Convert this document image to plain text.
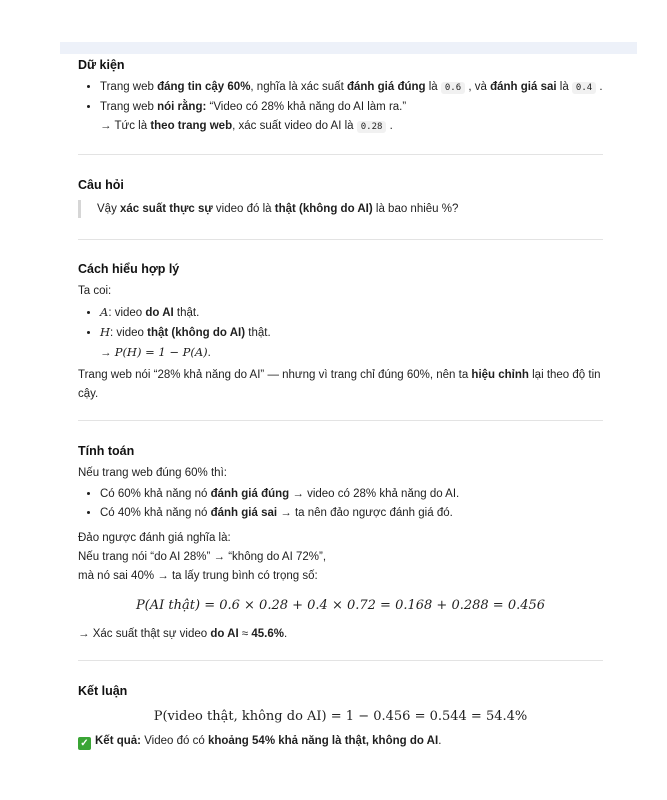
Dữ kiện
• Trang web đáng tin cậy 60%, nghĩa là xác suất đánh giá đúng là 0.6 , và đánh giá sai là 0.4 .
• Trang web nói rằng: “Video có 28% khả năng do AI làm ra.”
→ Tức là theo trang web, xác suất video do AI là 0.28 .
Câu hỏi
Vậy xác suất thực sự video đó là thật (không do AI) là bao nhiêu %?
Cách hiểu hợp lý

Ta coi:

• A: video do AI thật.
• H: video thật (không do AI) thật.
→ P(H) = 1 − P(A).

Trang web nói “28% khả năng do AI” — nhưng vì trang chỉ đúng 60%, nên ta hiệu chỉnh lại theo độ tin cậy.

Tính toán

Nếu trang web đúng 60% thì:

• Có 60% khả năng nó đánh giá đúng → video có 28% khả năng do AI.
• Có 40% khả năng nó đánh giá sai → ta nên đảo ngược đánh giá đó.

Đảo ngược đánh giá nghĩa là:

Nếu trang nói “do AI 28%” → “không do AI 72%”,

mà nó sai 40% → ta lấy trung bình có trọng số:

P(AI thật) = 0.6 × 0.28 + 0.4 × 0.72 = 0.168 + 0.288 = 0.456

→ Xác suất thật sự video do AI ≈ 45.6%.

Kết luận
P(video thật, không do AI) = 1 − 0.456 = 0.544 = 54.4%

✓ Kết quả: Video đó có khoảng 54% khả năng là thật, không do AI.
